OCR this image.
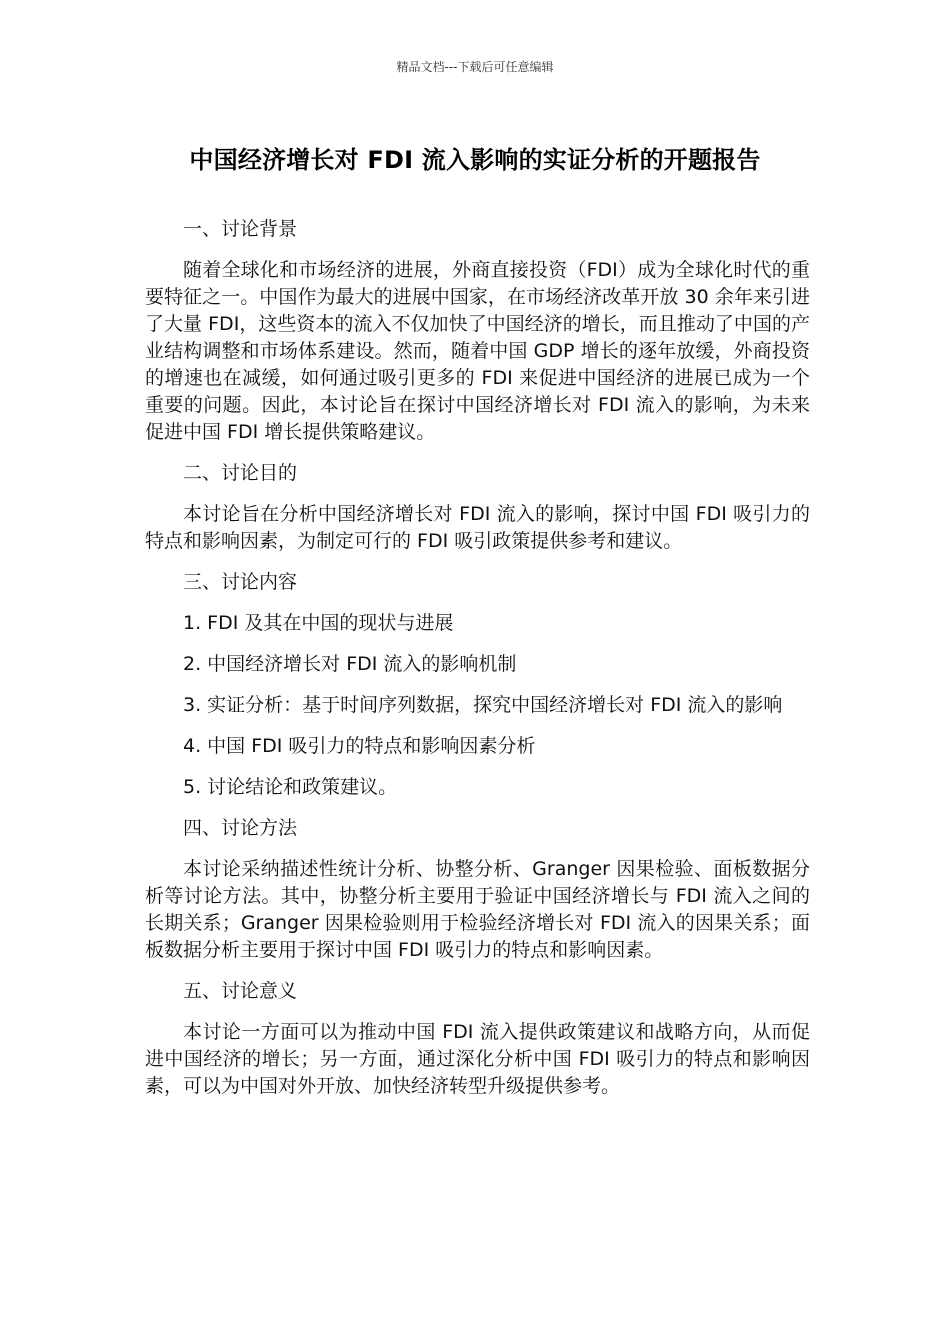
精品文档---下载后可任意编辑
中国经济增长对 FDI 流入影响的实证分析的开题报告

一、讨论背景

随着全球化和市场经济的进展，外商直接投资（FDI）成为全球化时代的重要特征之一。中国作为最大的进展中国家，在市场经济改革开放 30 余年来引进了大量 FDI，这些资本的流入不仅加快了中国经济的增长，而且推动了中国的产业结构调整和市场体系建设。然而，随着中国 GDP 增长的逐年放缓，外商投资的增速也在减缓，如何通过吸引更多的 FDI 来促进中国经济的进展已成为一个重要的问题。因此，本讨论旨在探讨中国经济增长对 FDI 流入的影响，为未来促进中国 FDI 增长提供策略建议。

二、讨论目的

本讨论旨在分析中国经济增长对 FDI 流入的影响，探讨中国 FDI 吸引力的特点和影响因素，为制定可行的 FDI 吸引政策提供参考和建议。

三、讨论内容

1. FDI 及其在中国的现状与进展

2. 中国经济增长对 FDI 流入的影响机制

3. 实证分析：基于时间序列数据，探究中国经济增长对 FDI 流入的影响

4. 中国 FDI 吸引力的特点和影响因素分析

5. 讨论结论和政策建议。

四、讨论方法

本讨论采纳描述性统计分析、协整分析、Granger 因果检验、面板数据分析等讨论方法。其中，协整分析主要用于验证中国经济增长与 FDI 流入之间的长期关系；Granger 因果检验则用于检验经济增长对 FDI 流入的因果关系；面板数据分析主要用于探讨中国 FDI 吸引力的特点和影响因素。

五、讨论意义

本讨论一方面可以为推动中国 FDI 流入提供政策建议和战略方向，从而促进中国经济的增长；另一方面，通过深化分析中国 FDI 吸引力的特点和影响因素，可以为中国对外开放、加快经济转型升级提供参考。
